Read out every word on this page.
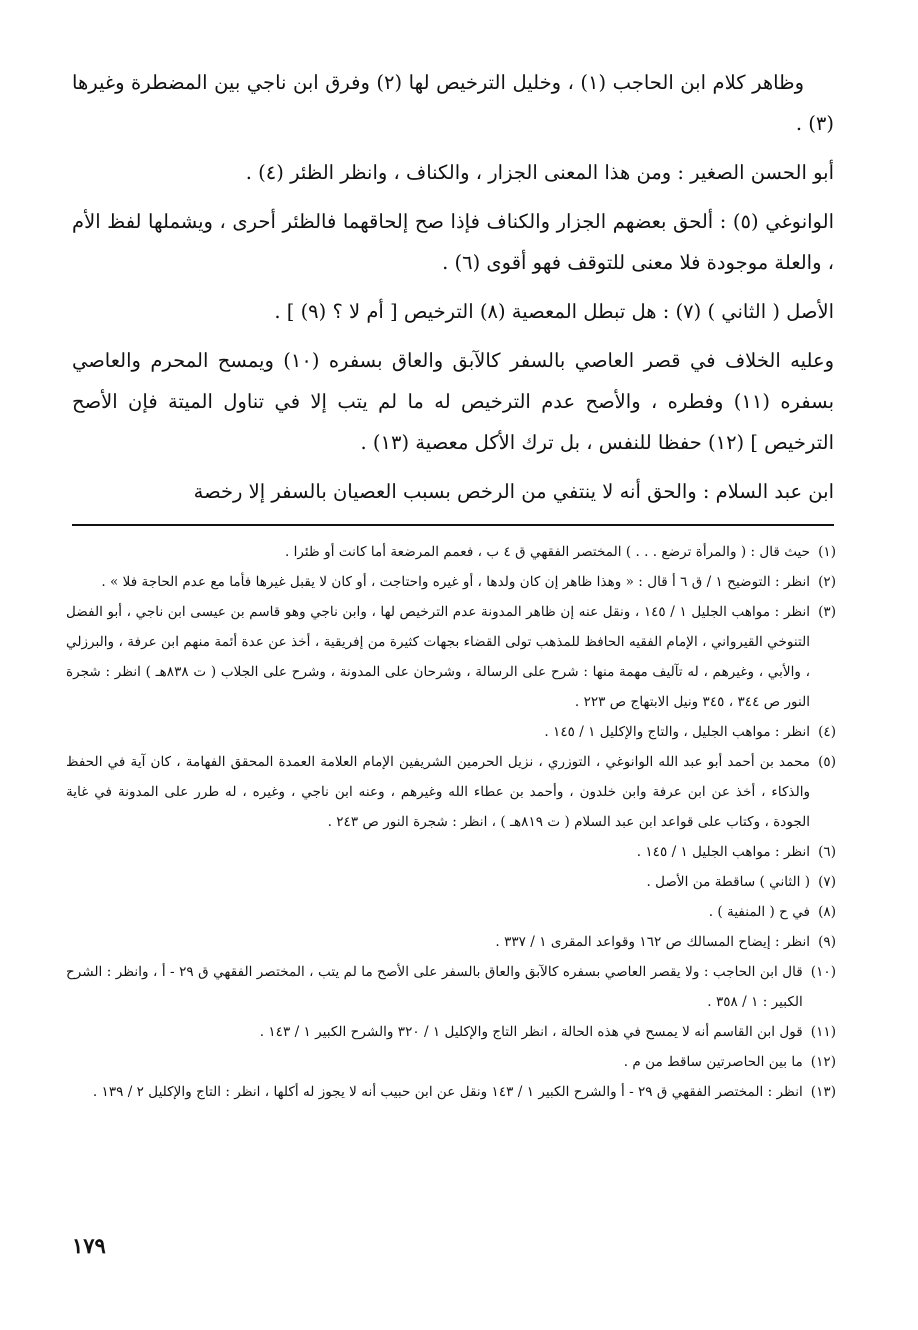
وظاهر كلام ابن الحاجب (١) ، وخليل الترخيص لها (٢) وفرق ابن ناجي بين المضطرة وغيرها (٣) .

أبو الحسن الصغير : ومن هذا المعنى الجزار ، والكناف ، وانظر الظئر (٤) .

الوانوغي (٥) : ألحق بعضهم الجزار والكناف فإذا صح إلحاقهما فالظئر أحرى ، ويشملها لفظ الأم ، والعلة موجودة فلا معنى للتوقف فهو أقوى (٦) .

الأصل ( الثاني ) (٧) : هل تبطل المعصية (٨) الترخيص [ أم لا ؟ (٩) ] .

وعليه الخلاف في قصر العاصي بالسفر كالآبق والعاق بسفره (١٠) ويمسح المحرم والعاصي بسفره (١١) وفطره ، والأصح عدم الترخيص له ما لم يتب إلا في تناول الميتة فإن الأصح الترخيص ] (١٢) حفظا للنفس ، بل ترك الأكل معصية (١٣) .

ابن عبد السلام : والحق أنه لا ينتفي من الرخص بسبب العصيان بالسفر إلا رخصة

(١)
حيث قال : ( والمرأة ترضع . . . ) المختصر الفقهي ق ٤ ب ، فعمم المرضعة أما كانت أو ظئرا .
(٢)
انظر : التوضيح ١ / ق ٦ أ قال : « وهذا ظاهر إن كان ولدها ، أو غيره واحتاجت ، أو كان لا يقبل غيرها فأما مع عدم الحاجة فلا » .
(٣)
انظر : مواهب الجليل ١ / ١٤٥ ، ونقل عنه إن ظاهر المدونة عدم الترخيص لها ، وابن ناجي وهو قاسم بن عيسى ابن ناجي ، أبو الفضل التنوخي القيرواني ، الإمام الفقيه الحافظ للمذهب تولى القضاء بجهات كثيرة من إفريقية ، أخذ عن عدة أئمة منهم ابن عرفة ، والبرزلي ، والأبي ، وغيرهم ، له تآليف مهمة منها : شرح على الرسالة ، وشرحان على المدونة ، وشرح على الجلاب ( ت ٨٣٨هـ ) انظر : شجرة النور ص ٣٤٤ ، ٣٤٥ ونيل الابتهاج ص ٢٢٣ .
(٤)
انظر : مواهب الجليل ، والتاج والإكليل ١ / ١٤٥ .
(٥)
محمد بن أحمد أبو عبد الله الوانوغي ، التوزري ، نزيل الحرمين الشريفين الإمام العلامة العمدة المحقق الفهامة ، كان آية في الحفظ والذكاء ، أخذ عن ابن عرفة وابن خلدون ، وأحمد بن عطاء الله وغيرهم ، وعنه ابن ناجي ، وغيره ، له طرر على المدونة في غاية الجودة ، وكتاب على قواعد ابن عبد السلام ( ت ٨١٩هـ ) ، انظر : شجرة النور ص ٢٤٣ .
(٦)
انظر : مواهب الجليل ١ / ١٤٥ .
(٧)
( الثاني ) ساقطة من الأصل .
(٨)
في ح ( المنفية ) .
(٩)
انظر : إيضاح المسالك ص ١٦٢ وقواعد المقرى ١ / ٣٣٧ .
(١٠)
قال ابن الحاجب : ولا يقصر العاصي بسفره كالآبق والعاق بالسفر على الأصح ما لم يتب ، المختصر الفقهي ق ٢٩ - أ ، وانظر : الشرح الكبير : ١ / ٣٥٨ .
(١١)
قول ابن القاسم أنه لا يمسح في هذه الحالة ، انظر التاج والإكليل ١ / ٣٢٠ والشرح الكبير ١ / ١٤٣ .
(١٢)
ما بين الحاصرتين ساقط من م .
(١٣)
انظر : المختصر الفقهي ق ٢٩ - أ والشرح الكبير ١ / ١٤٣ ونقل عن ابن حبيب أنه لا يجوز له أكلها ، انظر : التاج والإكليل ٢ / ١٣٩ .
١٧٩
